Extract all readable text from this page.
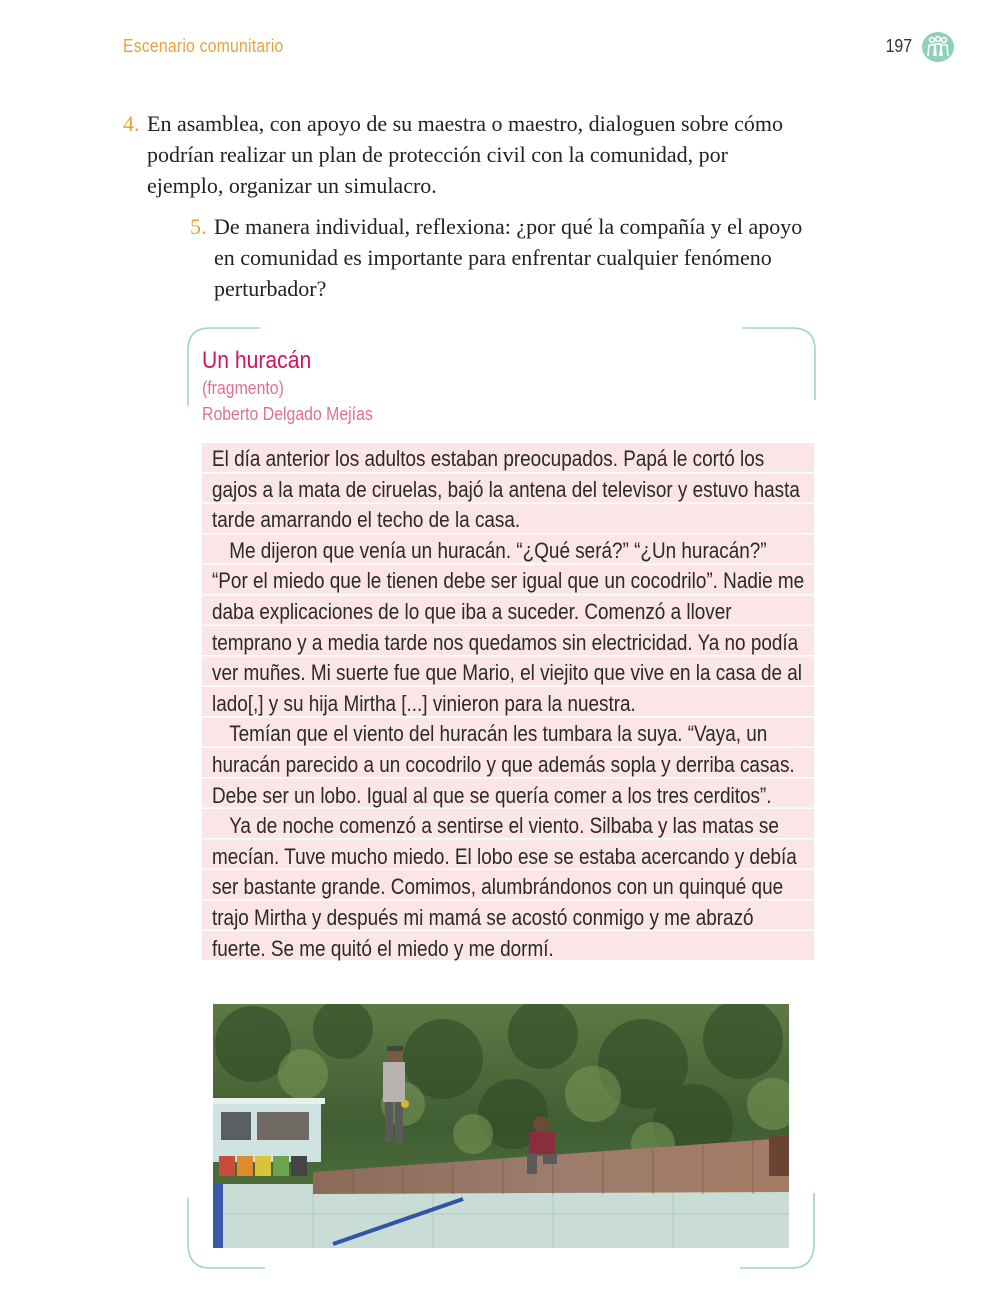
Escenario comunitario	197
4. En asamblea, con apoyo de su maestra o maestro, dialoguen sobre cómo podrían realizar un plan de protección civil con la comunidad, por ejemplo, organizar un simulacro.
5. De manera individual, reflexiona: ¿por qué la compañía y el apoyo en comunidad es importante para enfrentar cualquier fenómeno perturbador?
Un huracán
(fragmento)
Roberto Delgado Mejías

El día anterior los adultos estaban preocupados. Papá le cortó los gajos a la mata de ciruelas, bajó la antena del televisor y estuvo hasta tarde amarrando el techo de la casa.

Me dijeron que venía un huracán. “¿Qué será?” “¿Un huracán?” “Por el miedo que le tienen debe ser igual que un cocodrilo”. Nadie me daba explicaciones de lo que iba a suceder. Comenzó a llover temprano y a media tarde nos quedamos sin electricidad. Ya no podía ver muñes. Mi suerte fue que Mario, el viejito que vive en la casa de al lado[,] y su hija Mirtha [...] vinieron para la nuestra.

Temían que el viento del huracán les tumbara la suya. “Vaya, un huracán parecido a un cocodrilo y que además sopla y derriba casas. Debe ser un lobo. Igual al que se quería comer a los tres cerditos”.

Ya de noche comenzó a sentirse el viento. Silbaba y las matas se mecían. Tuve mucho miedo. El lobo ese se estaba acercando y debía ser bastante grande. Comimos, alumbrándonos con un quinqué que trajo Mirtha y después mi mamá se acostó conmigo y me abrazó fuerte. Se me quitó el miedo y me dormí.
